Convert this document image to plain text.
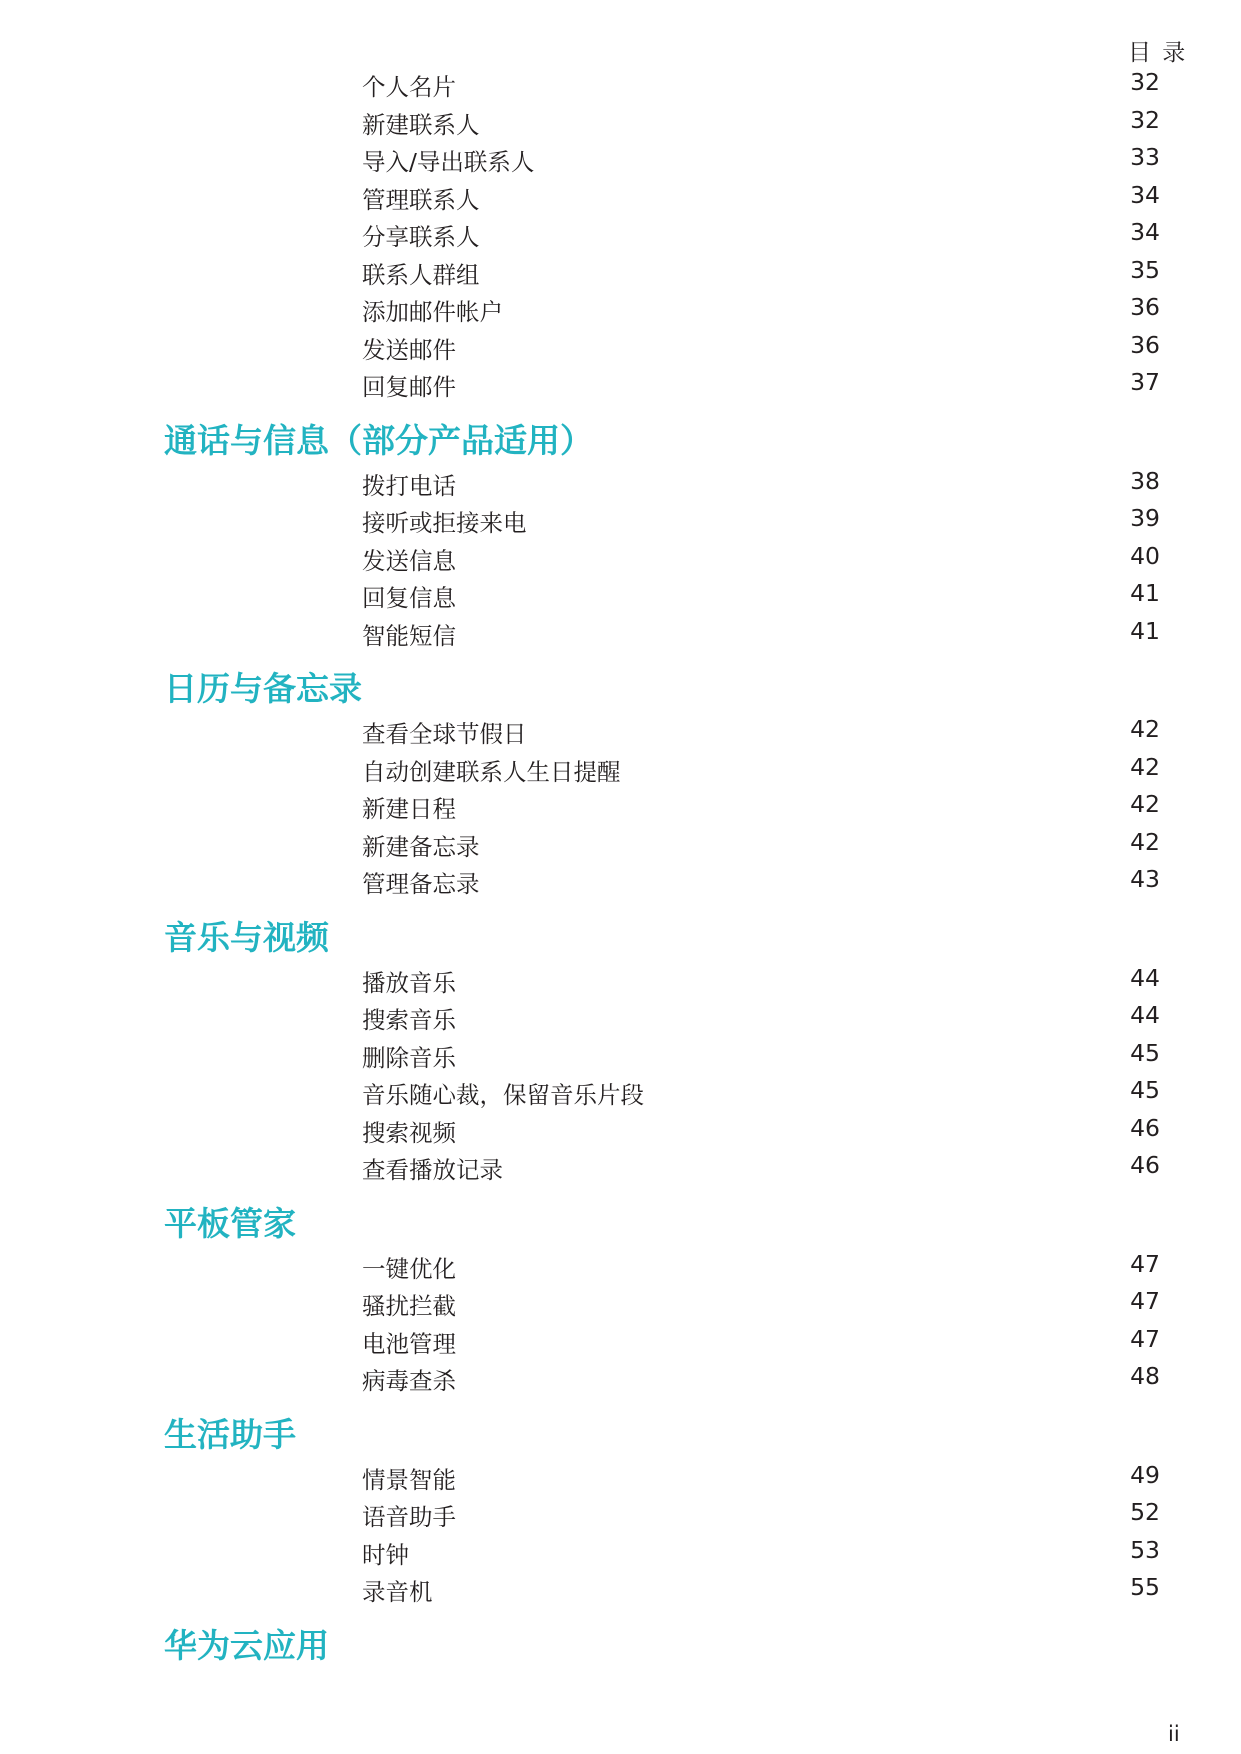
目 录
个人名片	32
新建联系人	32
导入/导出联系人	33
管理联系人	34
分享联系人	34
联系人群组	35
添加邮件帐户	36
发送邮件	36
回复邮件	37
通话与信息（部分产品适用）
拨打电话	38
接听或拒接来电	39
发送信息	40
回复信息	41
智能短信	41
日历与备忘录
查看全球节假日	42
自动创建联系人生日提醒	42
新建日程	42
新建备忘录	42
管理备忘录	43
音乐与视频
播放音乐	44
搜索音乐	44
删除音乐	45
音乐随心裁，保留音乐片段	45
搜索视频	46
查看播放记录	46
平板管家
一键优化	47
骚扰拦截	47
电池管理	47
病毒查杀	48
生活助手
情景智能	49
语音助手	52
时钟	53
录音机	55
华为云应用
ii
